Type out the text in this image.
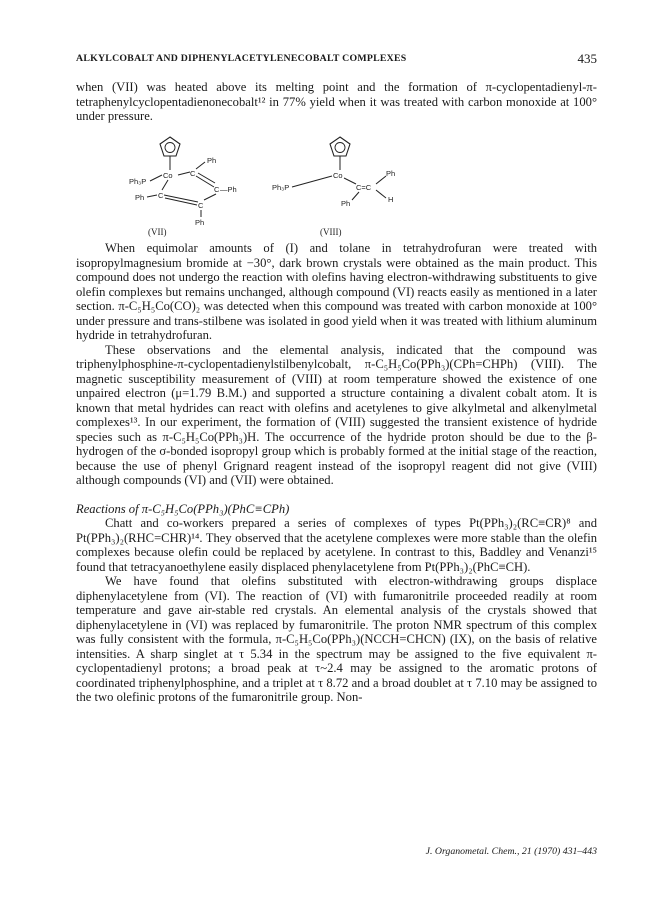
ALKYLCOBALT AND DIPHENYLACETYLENECOBALT COMPLEXES	435

when (VII) was heated above its melting point and the formation of π-cyclopentadienyl-π-tetraphenylcyclopentadienonecobalt¹² in 77% yield when it was treated with carbon monoxide at 100° under pressure.

Co
Ph
C
Ph₃P
C —Ph
C
Ph
C
Ph
(VII)
Co
Ph₃P	C=C
Ph
H
Ph
(VIII)

When equimolar amounts of (I) and tolane in tetrahydrofuran were treated with isopropylmagnesium bromide at −30°, dark brown crystals were obtained as the main product. This compound does not undergo the reaction with olefins having electron-withdrawing substituents to give olefin complexes but remains unchanged, although compound (VI) reacts easily as mentioned in a later section. π-C₅H₅Co(CO)₂ was detected when this compound was treated with carbon monoxide at 100° under pressure and trans-stilbene was isolated in good yield when it was treated with lithium aluminum hydride in tetrahydrofuran.

These observations and the elemental analysis, indicated that the compound was triphenylphosphine-π-cyclopentadienylstilbenylcobalt, π-C₅H₅Co(PPh₃)(CPh=CHPh) (VIII). The magnetic susceptibility measurement of (VIII) at room temperature showed the existence of one unpaired electron (μ=1.79 B.M.) and supported a structure containing a divalent cobalt atom. It is known that metal hydrides can react with olefins and acetylenes to give alkylmetal and alkenylmetal complexes¹³. In our experiment, the formation of (VIII) suggested the transient existence of hydride species such as π-C₅H₅Co(PPh₃)H. The occurrence of the hydride proton should be due to the β-hydrogen of the σ-bonded isopropyl group which is probably formed at the initial stage of the reaction, because the use of phenyl Grignard reagent instead of the isopropyl reagent did not give (VIII) although compounds (VI) and (VII) were obtained.

Reactions of π-C₅H₅Co(PPh₃)(PhC≡CPh)

Chatt and co-workers prepared a series of complexes of types Pt(PPh₃)₂(RC≡CR)⁸ and Pt(PPh₃)₂(RHC=CHR)¹⁴. They observed that the acetylene complexes were more stable than the olefin complexes because olefin could be replaced by acetylene. In contrast to this, Baddley and Venanzi¹⁵ found that tetracyanoethylene easily displaced phenylacetylene from Pt(PPh₃)₂(PhC≡CH).

We have found that olefins substituted with electron-withdrawing groups displace diphenylacetylene from (VI). The reaction of (VI) with fumaronitrile proceeded readily at room temperature and gave air-stable red crystals. An elemental analysis of the crystals showed that diphenylacetylene in (VI) was replaced by fumaronitrile. The proton NMR spectrum of this complex was fully consistent with the formula, π-C₅H₅Co(PPh₃)(NCCH=CHCN) (IX), on the basis of relative intensities. A sharp singlet at τ 5.34 in the spectrum may be assigned to the five equivalent π-cyclopentadienyl protons; a broad peak at τ~2.4 may be assigned to the aromatic protons of coordinated triphenylphosphine, and a triplet at τ 8.72 and a broad doublet at τ 7.10 may be assigned to the two olefinic protons of the fumaronitrile group. Non-

J. Organometal. Chem., 21 (1970) 431–443
